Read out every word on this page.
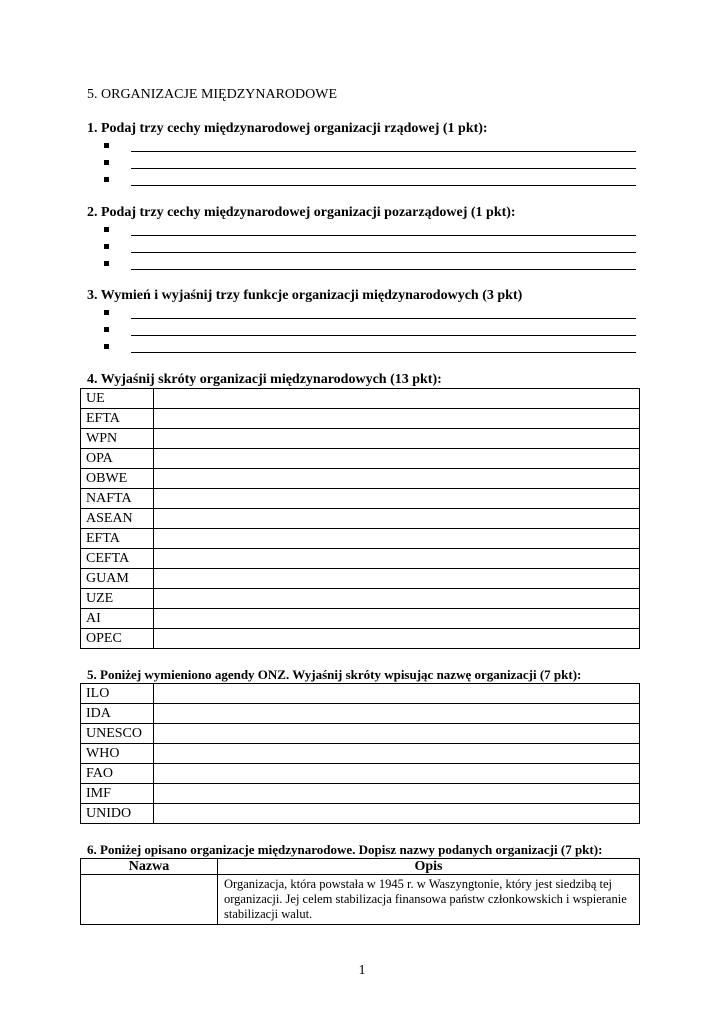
5. ORGANIZACJE MIĘDZYNARODOWE
1. Podaj trzy cechy międzynarodowej organizacji rządowej (1 pkt):
2. Podaj trzy cechy międzynarodowej organizacji pozarządowej (1 pkt):
3. Wymień i wyjaśnij trzy funkcje organizacji międzynarodowych (3 pkt)
4. Wyjaśnij skróty organizacji międzynarodowych (13 pkt):
UE	
EFTA	
WPN	
OPA	
OBWE	
NAFTA	
ASEAN	
EFTA	
CEFTA	
GUAM	
UZE	
AI	
OPEC	
5. Poniżej wymieniono agendy ONZ. Wyjaśnij skróty wpisując nazwę organizacji (7 pkt):
ILO	
IDA	
UNESCO	
WHO	
FAO	
IMF	
UNIDO	
6. Poniżej opisano organizacje międzynarodowe. Dopisz nazwy podanych organizacji (7 pkt):
Nazwa	Opis
	Organizacja, która powstała w 1945 r. w Waszyngtonie, który jest siedzibą tej organizacji. Jej celem stabilizacja finansowa państw członkowskich i wspieranie stabilizacji walut.
1
